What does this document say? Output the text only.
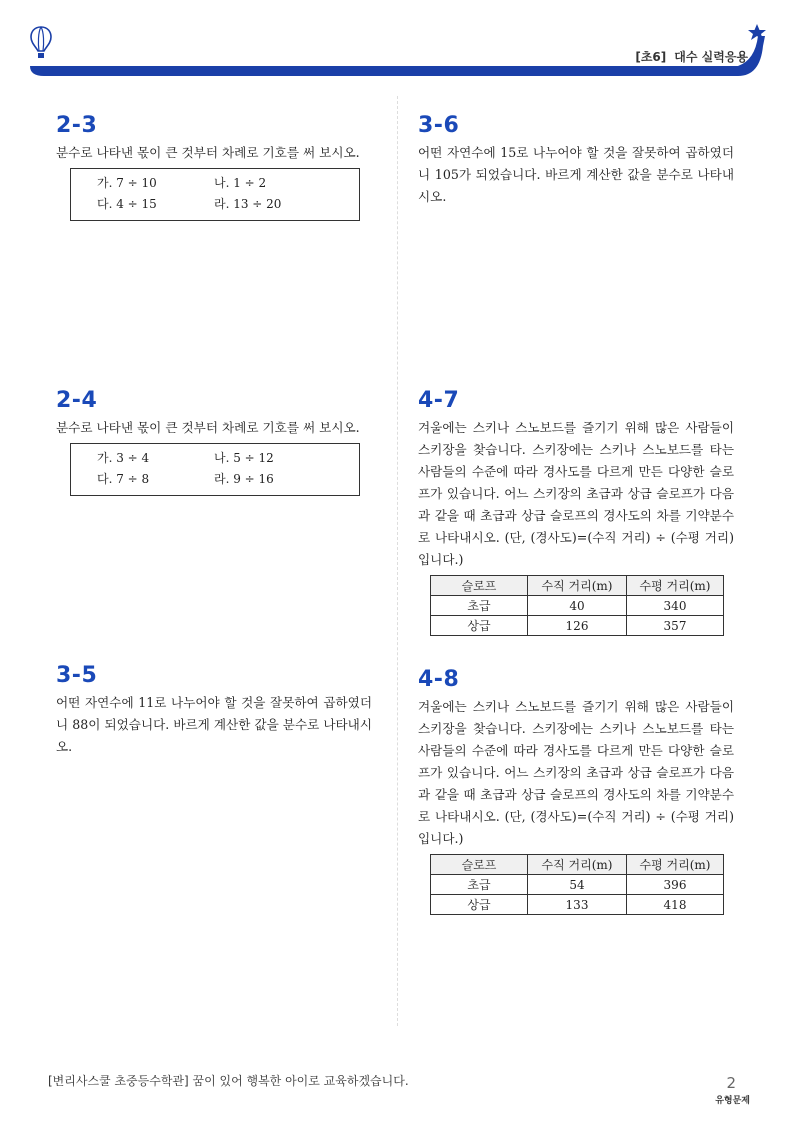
[초6] 대수 실력응용
2-3

분수로 나타낸 몫이 큰 것부터 차례로 기호를 써 보시오.

가. 7 ÷ 10	나. 1 ÷ 2
다. 4 ÷ 15	라. 13 ÷ 20
2-4

분수로 나타낸 몫이 큰 것부터 차례로 기호를 써 보시오.

가. 3 ÷ 4	나. 5 ÷ 12
다. 7 ÷ 8	라. 9 ÷ 16
3-5

어떤 자연수에 11로 나누어야 할 것을 잘못하여 곱하였더니 88이 되었습니다. 바르게 계산한 값을 분수로 나타내시오.

3-6

어떤 자연수에 15로 나누어야 할 것을 잘못하여 곱하였더니 105가 되었습니다. 바르게 계산한 값을 분수로 나타내시오.

4-7

겨울에는 스키나 스노보드를 즐기기 위해 많은 사람들이 스키장을 찾습니다. 스키장에는 스키나 스노보드를 타는 사람들의 수준에 따라 경사도를 다르게 만든 다양한 슬로프가 있습니다. 어느 스키장의 초급과 상급 슬로프가 다음과 같을 때 초급과 상급 슬로프의 경사도의 차를 기약분수로 나타내시오. (단, (경사도)=(수직 거리) ÷ (수평 거리)입니다.)

슬로프	수직 거리(m)	수평 거리(m)
초급	40	340
상급	126	357
4-8

겨울에는 스키나 스노보드를 즐기기 위해 많은 사람들이 스키장을 찾습니다. 스키장에는 스키나 스노보드를 타는 사람들의 수준에 따라 경사도를 다르게 만든 다양한 슬로프가 있습니다. 어느 스키장의 초급과 상급 슬로프가 다음과 같을 때 초급과 상급 슬로프의 경사도의 차를 기약분수로 나타내시오. (단, (경사도)=(수직 거리) ÷ (수평 거리)입니다.)

슬로프	수직 거리(m)	수평 거리(m)
초급	54	396
상급	133	418
[변리사스쿨 초중등수학관] 꿈이 있어 행복한 아이로 교육하겠습니다.	2
유형문제
